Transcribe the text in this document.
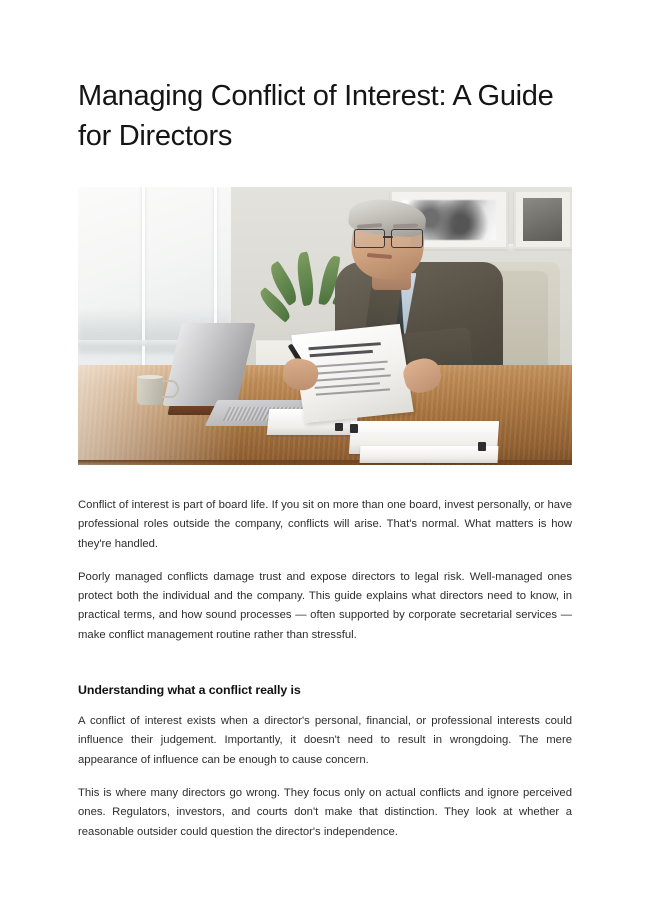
Managing Conflict of Interest: A Guide for Directors

Conflict of interest is part of board life. If you sit on more than one board, invest personally, or have professional roles outside the company, conflicts will arise. That's normal. What matters is how they're handled.

Poorly managed conflicts damage trust and expose directors to legal risk. Well-managed ones protect both the individual and the company. This guide explains what directors need to know, in practical terms, and how sound processes — often supported by corporate secretarial services — make conflict management routine rather than stressful.

Understanding what a conflict really is

A conflict of interest exists when a director's personal, financial, or professional interests could influence their judgement. Importantly, it doesn't need to result in wrongdoing. The mere appearance of influence can be enough to cause concern.

This is where many directors go wrong. They focus only on actual conflicts and ignore perceived ones. Regulators, investors, and courts don't make that distinction. They look at whether a reasonable outsider could question the director's independence.
